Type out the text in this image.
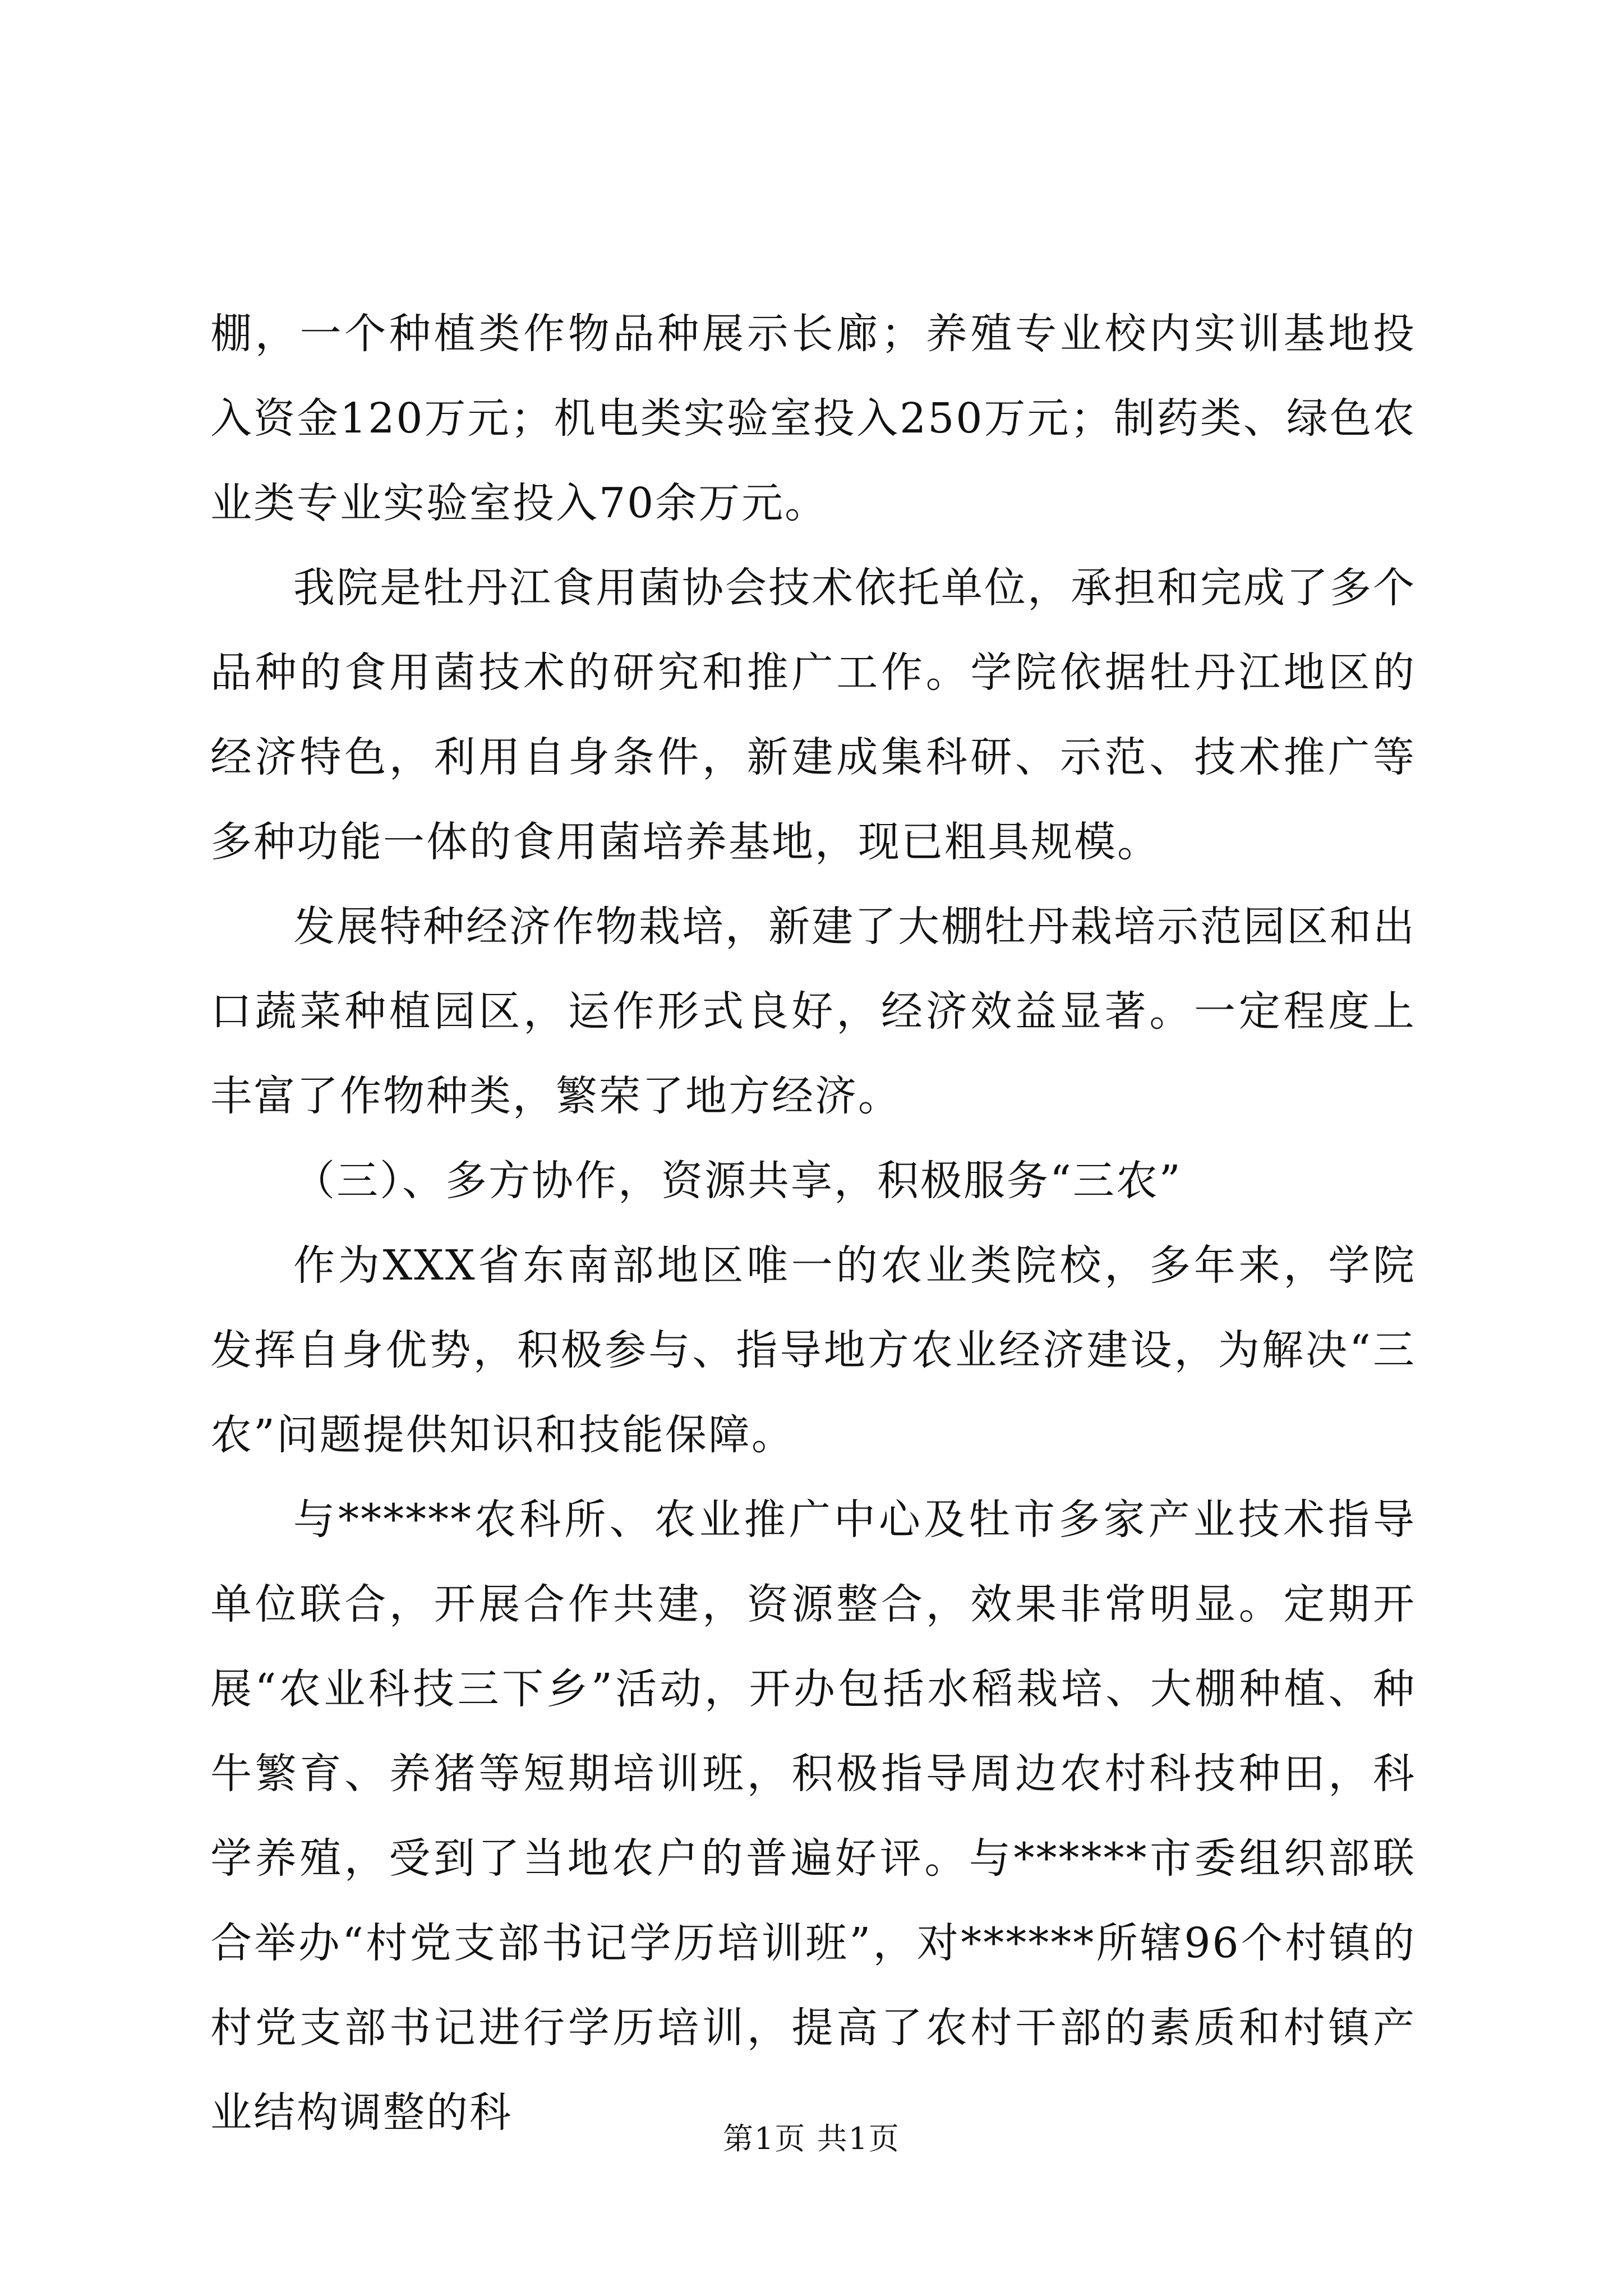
棚，一个种植类作物品种展示长廊；养殖专业校内实训基地投入资金120万元；机电类实验室投入250万元；制药类、绿色农业类专业实验室投入70余万元。

我院是牡丹江食用菌协会技术依托单位，承担和完成了多个品种的食用菌技术的研究和推广工作。学院依据牡丹江地区的经济特色，利用自身条件，新建成集科研、示范、技术推广等多种功能一体的食用菌培养基地，现已粗具规模。

发展特种经济作物栽培，新建了大棚牡丹栽培示范园区和出口蔬菜种植园区，运作形式良好，经济效益显著。一定程度上丰富了作物种类，繁荣了地方经济。

（三）、多方协作，资源共享，积极服务“三农”

作为XXX省东南部地区唯一的农业类院校，多年来，学院发挥自身优势，积极参与、指导地方农业经济建设，为解决“三农”问题提供知识和技能保障。

与******农科所、农业推广中心及牡市多家产业技术指导单位联合，开展合作共建，资源整合，效果非常明显。定期开展“农业科技三下乡”活动，开办包括水稻栽培、大棚种植、种牛繁育、养猪等短期培训班，积极指导周边农村科技种田，科学养殖，受到了当地农户的普遍好评。与******市委组织部联合举办“村党支部书记学历培训班”，对******所辖96个村镇的村党支部书记进行学历培训，提高了农村干部的素质和村镇产业结构调整的科

第1页 共1页
